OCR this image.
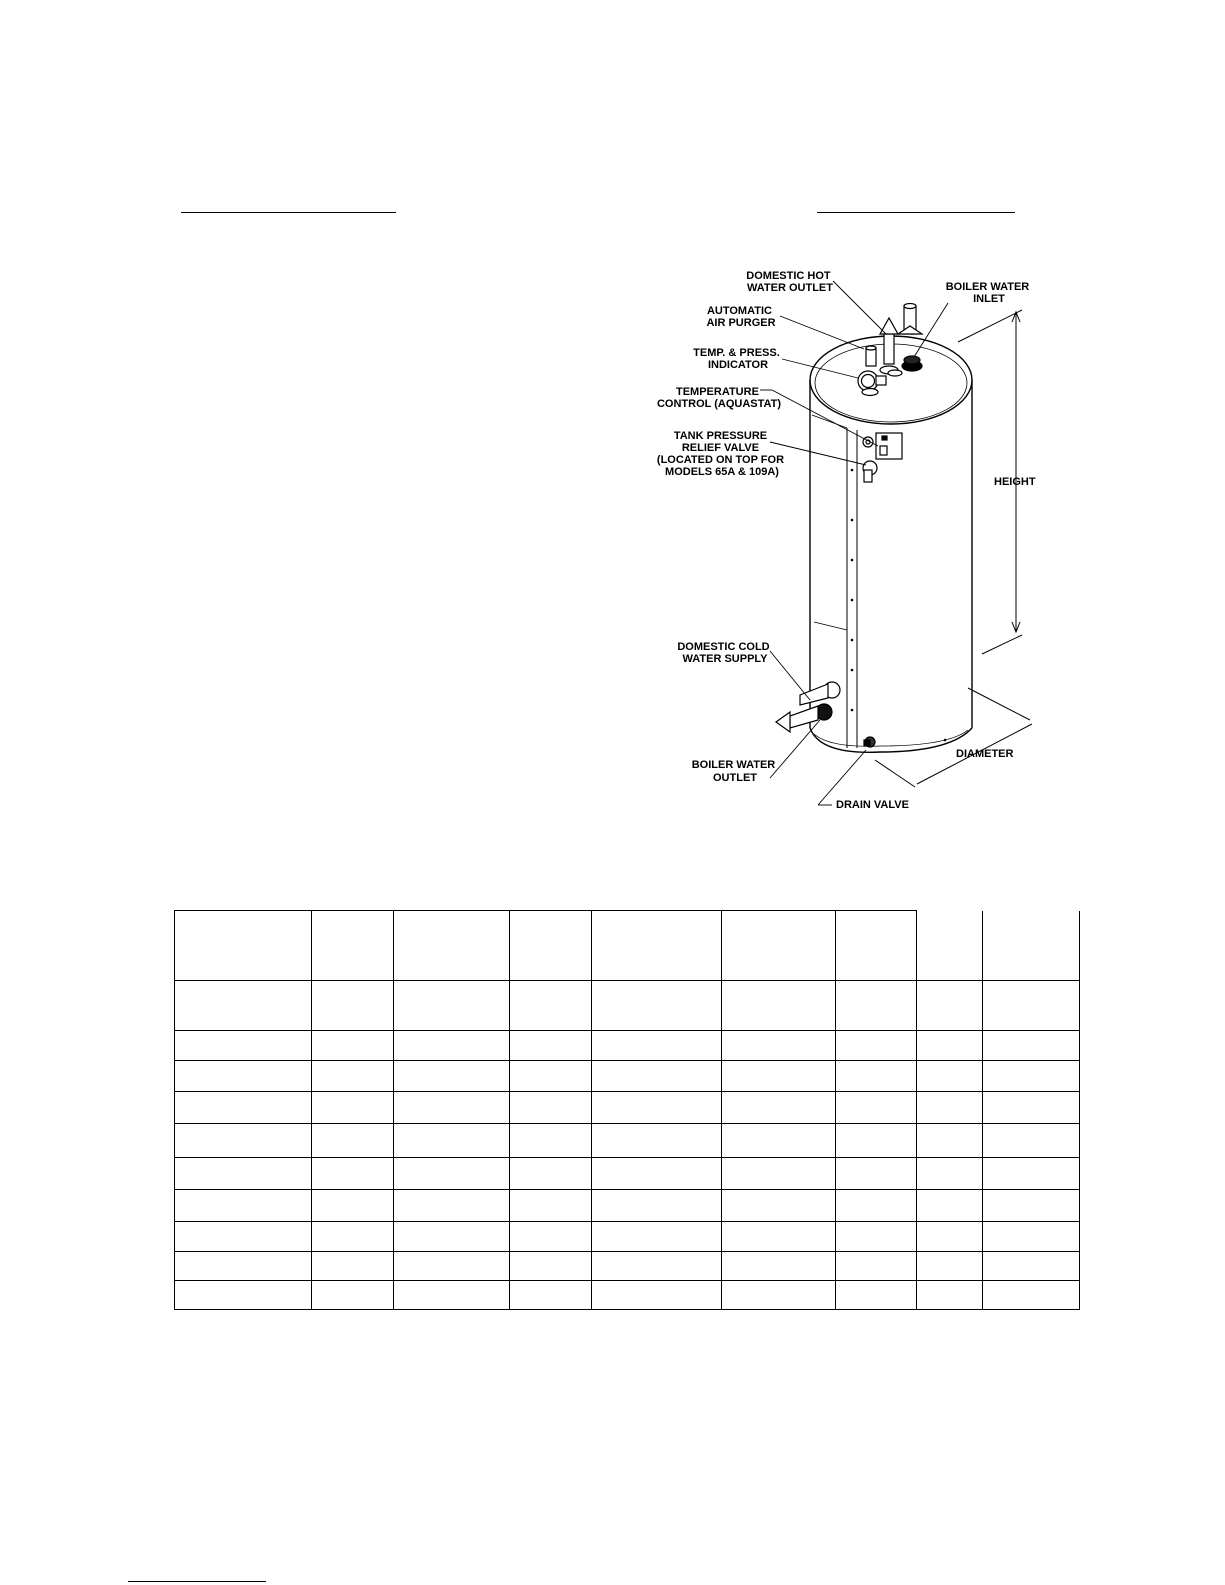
DOMESTIC HOT WATER OUTLET	BOILER WATER INLET
AUTOMATIC AIR PURGER
TEMP. & PRESS. INDICATOR
TEMPERATURE CONTROL (AQUASTAT)
TANK PRESSURE RELIEF VALVE (LOCATED ON TOP FOR MODELS 65A & 109A)
HEIGHT
DOMESTIC COLD WATER SUPPLY
BOILER WATER OUTLET
DIAMETER
DRAIN VALVE
